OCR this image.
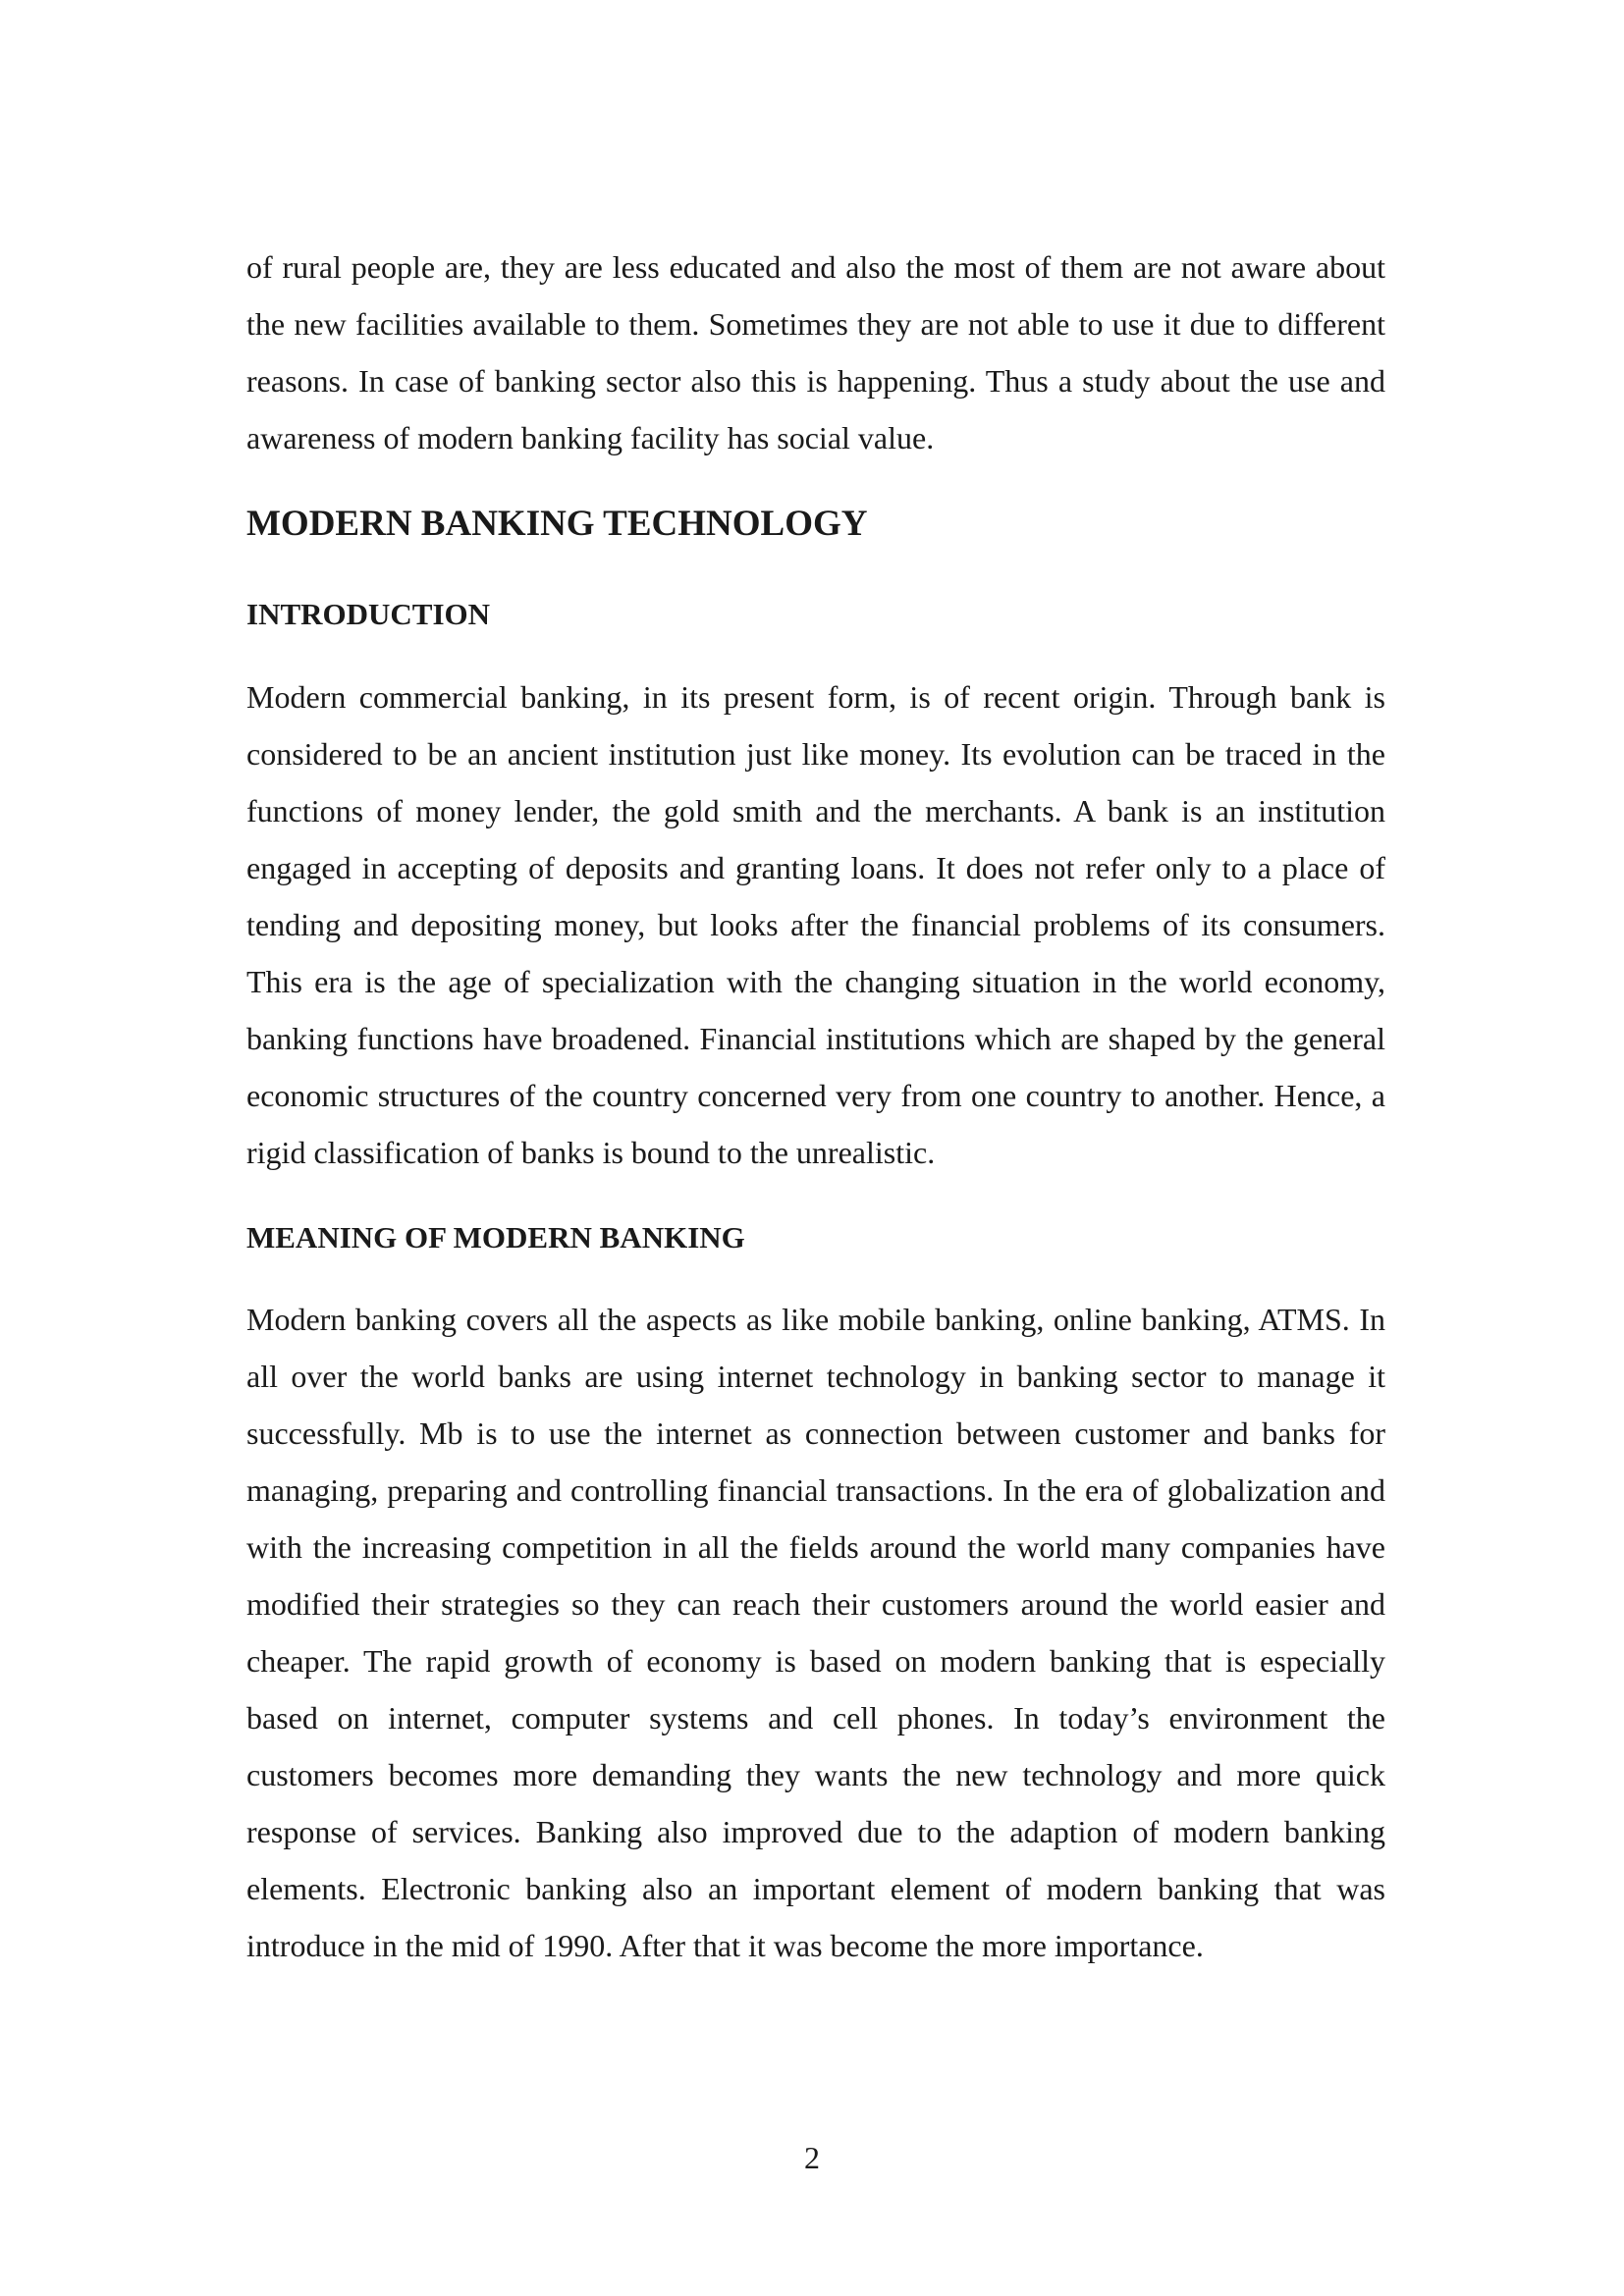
of rural people are, they are less educated and also the most of them are not aware about the new facilities available to them. Sometimes they are not able to use it due to different reasons. In case of banking sector also this is happening. Thus a study about the use and awareness of modern banking facility has social value.

MODERN BANKING TECHNOLOGY
INTRODUCTION

Modern commercial banking, in its present form, is of recent origin. Through bank is considered to be an ancient institution just like money. Its evolution can be traced in the functions of money lender, the gold smith and the merchants. A bank is an institution engaged in accepting of deposits and granting loans. It does not refer only to a place of tending and depositing money, but looks after the financial problems of its consumers. This era is the age of specialization with the changing situation in the world economy, banking functions have broadened. Financial institutions which are shaped by the general economic structures of the country concerned very from one country to another. Hence, a rigid classification of banks is bound to the unrealistic.

MEANING OF MODERN BANKING

Modern banking covers all the aspects as like mobile banking, online banking, ATMS. In all over the world banks are using internet technology in banking sector to manage it successfully. Mb is to use the internet as connection between customer and banks for managing, preparing and controlling financial transactions. In the era of globalization and with the increasing competition in all the fields around the world many companies have modified their strategies so they can reach their customers around the world easier and cheaper. The rapid growth of economy is based on modern banking that is especially based on internet, computer systems and cell phones. In today’s environment the customers becomes more demanding they wants the new technology and more quick response of services. Banking also improved due to the adaption of modern banking elements. Electronic banking also an important element of modern banking that was introduce in the mid of 1990. After that it was become the more importance.

2
